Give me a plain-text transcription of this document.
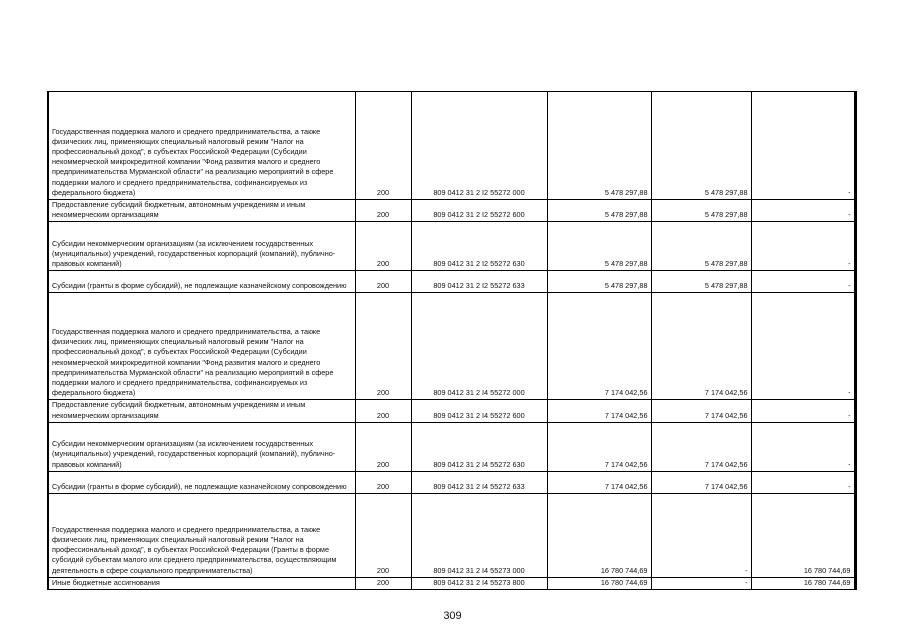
Государственная поддержка малого и среднего предпринимательства, а также физических лиц, применяющих специальный налоговый режим "Налог на профессиональный доход", в субъектах Российской Федерации (Субсидии некоммерческой микрокредитной компании "Фонд развития малого и среднего предпринимательства Мурманской области" на реализацию мероприятий в сфере поддержки малого и среднего предпринимательства, софинансируемых из федерального бюджета)	200	809 0412 31 2 I2 55272 000	5 478 297,88	5 478 297,88	-
Предоставление субсидий бюджетным, автономным учреждениям и иным некоммерческим организациям	200	809 0412 31 2 I2 55272 600	5 478 297,88	5 478 297,88	-
Субсидии некоммерческим организациям (за исключением государственных (муниципальных) учреждений, государственных корпораций (компаний), публично-правовых компаний)	200	809 0412 31 2 I2 55272 630	5 478 297,88	5 478 297,88	-
Субсидии (гранты в форме субсидий), не подлежащие казначейскому сопровождению	200	809 0412 31 2 I2 55272 633	5 478 297,88	5 478 297,88	-
Государственная поддержка малого и среднего предпринимательства, а также физических лиц, применяющих специальный налоговый режим "Налог на профессиональный доход", в субъектах Российской Федерации (Субсидии некоммерческой микрокредитной компании "Фонд развития малого и среднего предпринимательства Мурманской области" на реализацию мероприятий в сфере поддержки малого и среднего предпринимательства, софинансируемых из федерального бюджета)	200	809 0412 31 2 I4 55272 000	7 174 042,56	7 174 042,56	-
Предоставление субсидий бюджетным, автономным учреждениям и иным некоммерческим организациям	200	809 0412 31 2 I4 55272 600	7 174 042,56	7 174 042,56	-
Субсидии некоммерческим организациям (за исключением государственных (муниципальных) учреждений, государственных корпораций (компаний), публично-правовых компаний)	200	809 0412 31 2 I4 55272 630	7 174 042,56	7 174 042,56	-
Субсидии (гранты в форме субсидий), не подлежащие казначейскому сопровождению	200	809 0412 31 2 I4 55272 633	7 174 042,56	7 174 042,56	-
Государственная поддержка малого и среднего предпринимательства, а также физических лиц, применяющих специальный налоговый режим "Налог на профессиональный доход", в субъектах Российской Федерации (Гранты в форме субсидий субъектам малого или среднего предпринимательства, осуществляющим деятельность в сфере социального предпринимательства)	200	809 0412 31 2 I4 55273 000	16 780 744,69	-	16 780 744,69
Иные бюджетные ассигнования	200	809 0412 31 2 I4 55273 800	16 780 744,69	-	16 780 744,69
309
